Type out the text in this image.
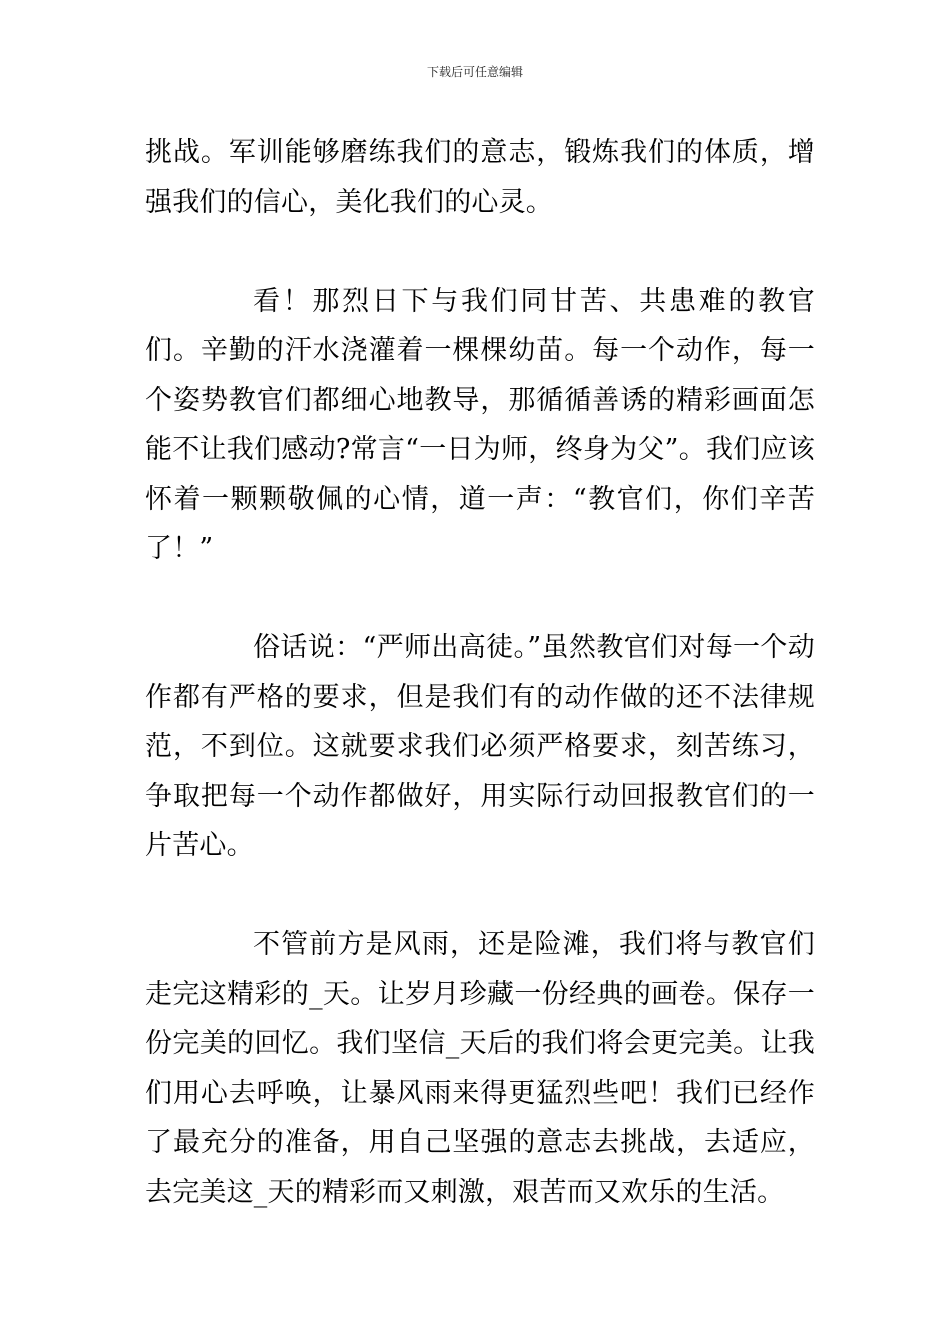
下载后可任意编辑

挑战。军训能够磨练我们的意志，锻炼我们的体质，增强我们的信心，美化我们的心灵。

看！那烈日下与我们同甘苦、共患难的教官们。辛勤的汗水浇灌着一棵棵幼苗。每一个动作，每一个姿势教官们都细心地教导，那循循善诱的精彩画面怎能不让我们感动?常言“一日为师，终身为父”。我们应该怀着一颗颗敬佩的心情，道一声：“教官们，你们辛苦了！”

俗话说：“严师出高徒。”虽然教官们对每一个动作都有严格的要求，但是我们有的动作做的还不法律规范，不到位。这就要求我们必须严格要求，刻苦练习，争取把每一个动作都做好，用实际行动回报教官们的一片苦心。

不管前方是风雨，还是险滩，我们将与教官们走完这精彩的_天。让岁月珍藏一份经典的画卷。保存一份完美的回忆。我们坚信_天后的我们将会更完美。让我们用心去呼唤，让暴风雨来得更猛烈些吧！我们已经作了最充分的准备，用自己坚强的意志去挑战，去适应，去完美这_天的精彩而又刺激，艰苦而又欢乐的生活。
